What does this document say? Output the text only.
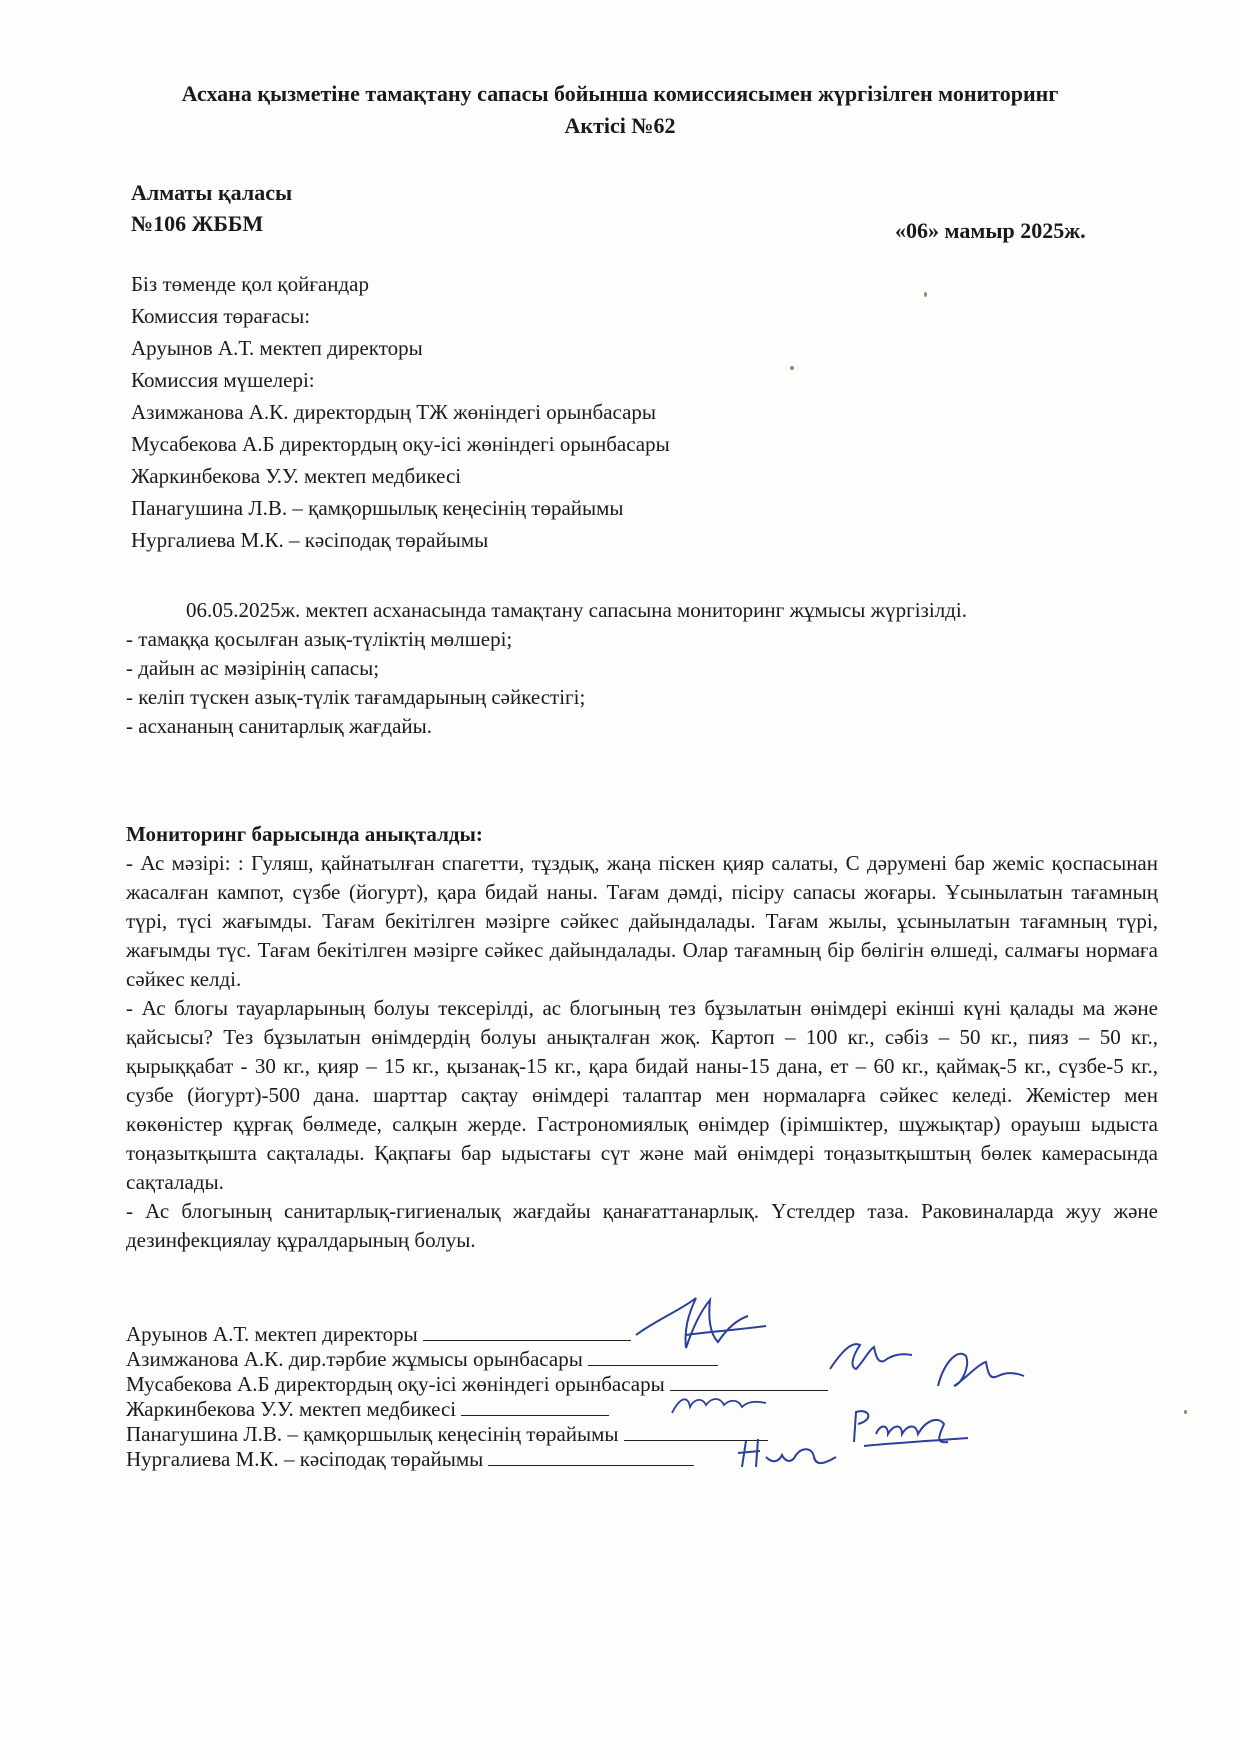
Асхана қызметіне тамақтану сапасы бойынша комиссиясымен жүргізілген мониторинг
Актісі №62
Алматы қаласы
№106 ЖББМ	«06» мамыр 2025ж.
Біз төменде қол қойғандар
Комиссия төрағасы:
Аруынов А.Т. мектеп директоры
Комиссия мүшелері:
Азимжанова А.К. директордың ТЖ жөніндегі орынбасары
Мусабекова А.Б директордың оқу-ісі жөніндегі орынбасары
Жаркинбекова У.У. мектеп медбикесі
Панагушина Л.В. – қамқоршылық кеңесінің төрайымы
Нургалиева М.К. – кәсіподақ төрайымы
06.05.2025ж. мектеп асханасында тамақтану сапасына мониторинг жұмысы жүргізілді.
- тамаққа қосылған азық-түліктің мөлшері;
- дайын ас мәзірінің сапасы;
- келіп түскен азық-түлік тағамдарының сәйкестігі;
- асхананың санитарлық жағдайы.
Мониторинг барысында анықталды:

- Ас мәзірі: : Гуляш, қайнатылған спагетти, тұздық, жаңа піскен қияр салаты, С дәрумені бар жеміс қоспасынан жасалған кампот, сүзбе (йогурт), қара бидай наны. Тағам дәмді, пісіру сапасы жоғары. Ұсынылатын тағамның түрі, түсі жағымды. Тағам бекітілген мәзірге сәйкес дайындалады. Тағам жылы, ұсынылатын тағамның түрі, жағымды түс. Тағам бекітілген мәзірге сәйкес дайындалады. Олар тағамның бір бөлігін өлшеді, салмағы нормаға сәйкес келді.

- Ас блогы тауарларының болуы тексерілді, ас блогының тез бұзылатын өнімдері екінші күні қалады ма және қайсысы? Тез бұзылатын өнімдердің болуы анықталған жоқ. Картоп – 100 кг., сәбіз – 50 кг., пияз – 50 кг., қырыққабат - 30 кг., қияр – 15 кг., қызанақ-15 кг., қара бидай наны-15 дана, ет – 60 кг., қаймақ-5 кг., сүзбе-5 кг., сузбе (йогурт)-500 дана. шарттар сақтау өнімдері талаптар мен нормаларға сәйкес келеді. Жемістер мен көкөністер құрғақ бөлмеде, салқын жерде. Гастрономиялық өнімдер (ірімшіктер, шұжықтар) орауыш ыдыста тоңазытқышта сақталады. Қақпағы бар ыдыстағы сүт және май өнімдері тоңазытқыштың бөлек камерасында сақталады.

- Ас блогының санитарлық-гигиеналық жағдайы қанағаттанарлық. Үстелдер таза. Раковиналарда жуу және дезинфекциялау құралдарының болуы.

Аруынов А.Т. мектеп директоры
Азимжанова А.К. дир.тәрбие жұмысы орынбасары
Мусабекова А.Б директордың оқу-ісі жөніндегі орынбасары
Жаркинбекова У.У. мектеп медбикесі
Панагушина Л.В. – қамқоршылық кеңесінің төрайымы
Нургалиева М.К. – кәсіподақ төрайымы
